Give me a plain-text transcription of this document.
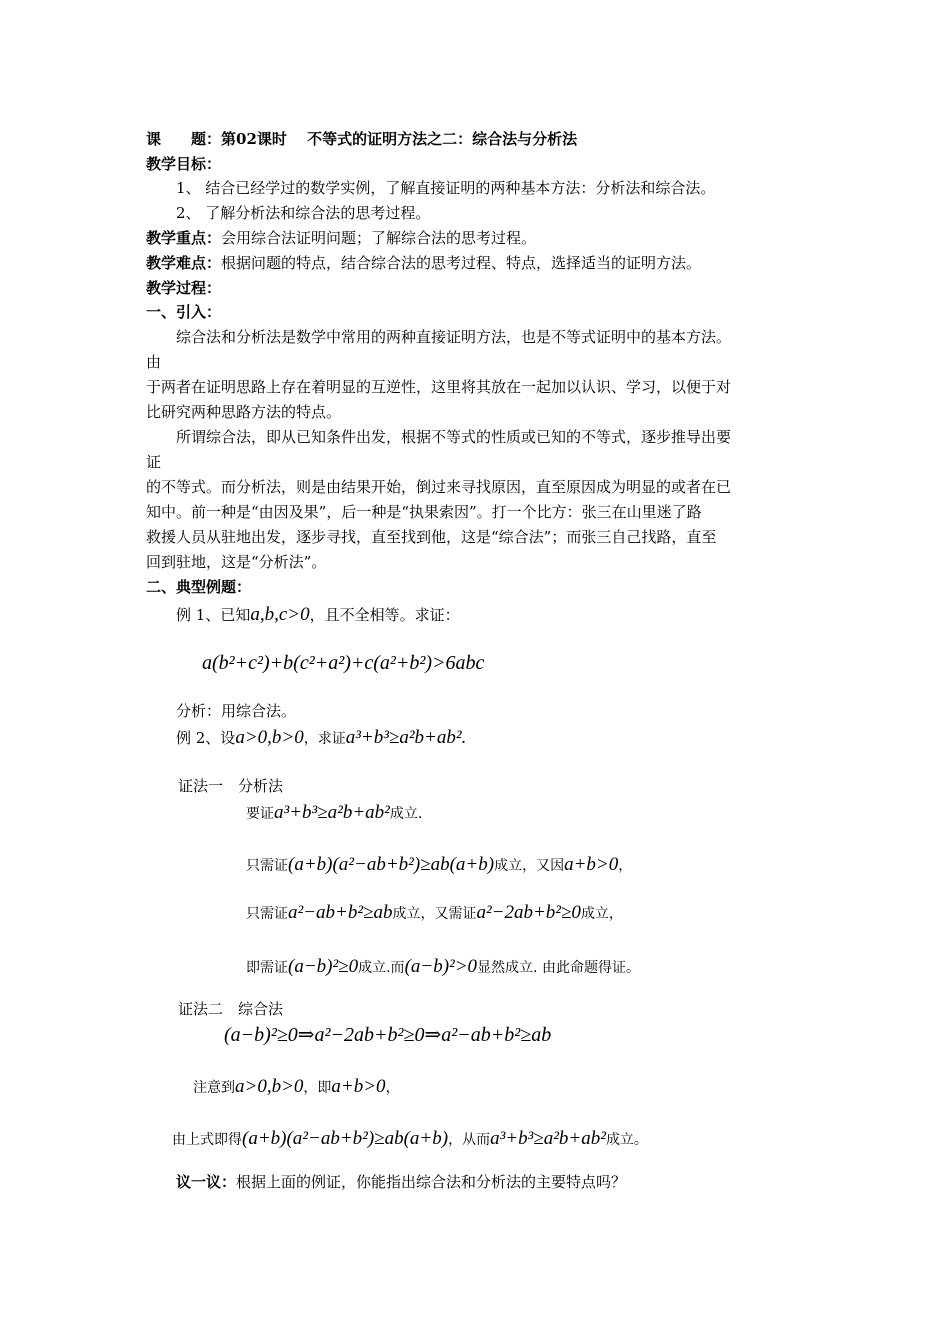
课　　题：第02课时　 不等式的证明方法之二：综合法与分析法
教学目标：
1、 结合已经学过的数学实例，了解直接证明的两种基本方法：分析法和综合法。
2、 了解分析法和综合法的思考过程。
教学重点：会用综合法证明问题；了解综合法的思考过程。
教学难点：根据问题的特点，结合综合法的思考过程、特点，选择适当的证明方法。
教学过程：
一、引入：
综合法和分析法是数学中常用的两种直接证明方法，也是不等式证明中的基本方法。
由
于两者在证明思路上存在着明显的互逆性，这里将其放在一起加以认识、学习，以便于对
比研究两种思路方法的特点。
所谓综合法，即从已知条件出发，根据不等式的性质或已知的不等式，逐步推导出要
证
的不等式。而分析法，则是由结果开始，倒过来寻找原因，直至原因成为明显的或者在已
知中。前一种是“由因及果”，后一种是“执果索因”。打一个比方：张三在山里迷了路
救援人员从驻地出发，逐步寻找，直至找到他，这是“综合法”；而张三自己找路，直至
回到驻地，这是“分析法”。
二、典型例题：
例 1、已知a,b,c>0，且不全相等。求证：
a(b²+c²)+b(c²+a²)+c(a²+b²)>6abc
分析：用综合法。
例 2、设a>0,b>0，求证a³+b³≥a²b+ab².
证法一　分析法
要证a³+b³≥a²b+ab²成立.
只需证(a+b)(a²−ab+b²)≥ab(a+b)成立，又因a+b>0，
只需证a²−ab+b²≥ab成立，又需证a²−2ab+b²≥0成立，
即需证(a−b)²≥0成立.而(a−b)²>0显然成立. 由此命题得证。
证法二　综合法
(a−b)²≥0⇒a²−2ab+b²≥0⇒a²−ab+b²≥ab
注意到a>0,b>0，即a+b>0，
由上式即得(a+b)(a²−ab+b²)≥ab(a+b)，从而a³+b³≥a²b+ab²成立。
议一议：根据上面的例证，你能指出综合法和分析法的主要特点吗？
